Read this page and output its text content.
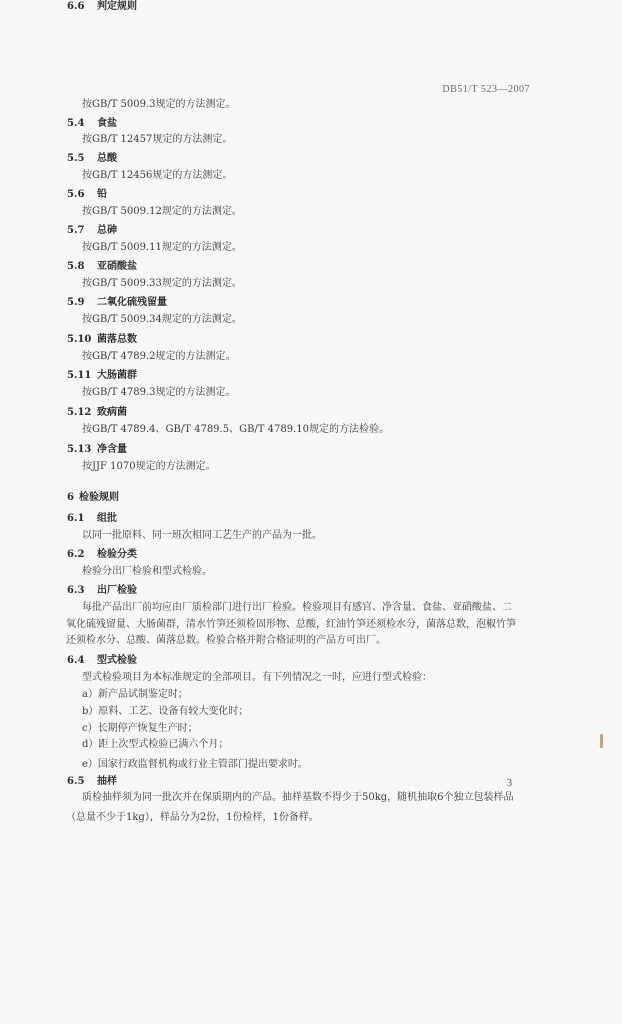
DB51/T 523—2007
按GB/T 5009.3规定的方法测定。
5.4 食盐
按GB/T 12457规定的方法测定。
5.5 总酸
按GB/T 12456规定的方法测定。
5.6 铅
按GB/T 5009.12规定的方法测定。
5.7 总砷
按GB/T 5009.11规定的方法测定。
5.8 亚硝酸盐
按GB/T 5009.33规定的方法测定。
5.9 二氧化硫残留量
按GB/T 5009.34规定的方法测定。
5.10 菌落总数
按GB/T 4789.2规定的方法测定。
5.11 大肠菌群
按GB/T 4789.3规定的方法测定。
5.12 致病菌
按GB/T 4789.4、GB/T 4789.5、GB/T 4789.10规定的方法检验。
5.13 净含量
按JJF 1070规定的方法测定。
6 检验规则
6.1 组批
以同一批原料、同一班次相同工艺生产的产品为一批。
6.2 检验分类
检验分出厂检验和型式检验。
6.3 出厂检验
每批产品出厂前均应由厂质检部门进行出厂检验。检验项目有感官、净含量、食盐、亚硝酸盐、二
氧化硫残留量、大肠菌群，清水竹笋还须检固形物、总酸，红油竹笋还须检水分，菌落总数，泡椒竹笋
还须检水分、总酸、菌落总数。检验合格并附合格证明的产品方可出厂。
6.4 型式检验
型式检验项目为本标准规定的全部项目。有下列情况之一时，应进行型式检验：
a）新产品试制鉴定时；
b）原料、工艺、设备有较大变化时；
c）长期停产恢复生产时；
d）距上次型式检验已满六个月；
e）国家行政监督机构或行业主管部门提出要求时。
6.5 抽样
质检抽样须为同一批次并在保质期内的产品。抽样基数不得少于50kg，随机抽取6个独立包装样品
（总量不少于1kg），样品分为2份，1份检样，1份备样。
6.6 判定规则
3
